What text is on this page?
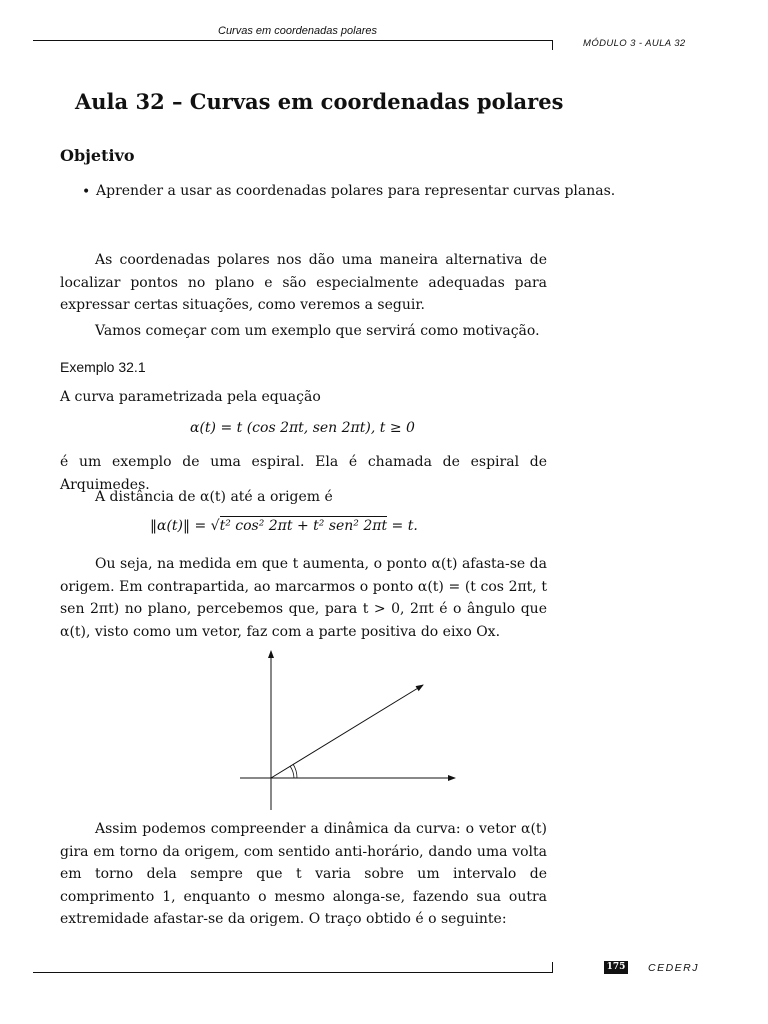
Curvas em coordenadas polares
MÓDULO 3 - AULA 32
Aula 32 – Curvas em coordenadas polares
Objetivo
• Aprender a usar as coordenadas polares para representar curvas planas.

As coordenadas polares nos dão uma maneira alternativa de localizar pontos no plano e são especialmente adequadas para expressar certas situações, como veremos a seguir.

Vamos começar com um exemplo que servirá como motivação.

Exemplo 32.1

A curva parametrizada pela equação

α(t) = t (cos 2πt, sen 2πt), t ≥ 0

é um exemplo de uma espiral. Ela é chamada de espiral de Arquimedes.

A distância de α(t) até a origem é

‖α(t)‖ = √t² cos² 2πt + t² sen² 2πt = t.

Ou seja, na medida em que t aumenta, o ponto α(t) afasta-se da origem. Em contrapartida, ao marcarmos o ponto α(t) = (t cos 2πt, t sen 2πt) no plano, percebemos que, para t > 0, 2πt é o ângulo que α(t), visto como um vetor, faz com a parte positiva do eixo Ox.

Assim podemos compreender a dinâmica da curva: o vetor α(t) gira em torno da origem, com sentido anti-horário, dando uma volta em torno dela sempre que t varia sobre um intervalo de comprimento 1, enquanto o mesmo alonga-se, fazendo sua outra extremidade afastar-se da origem. O traço obtido é o seguinte:

175 CEDERJ
